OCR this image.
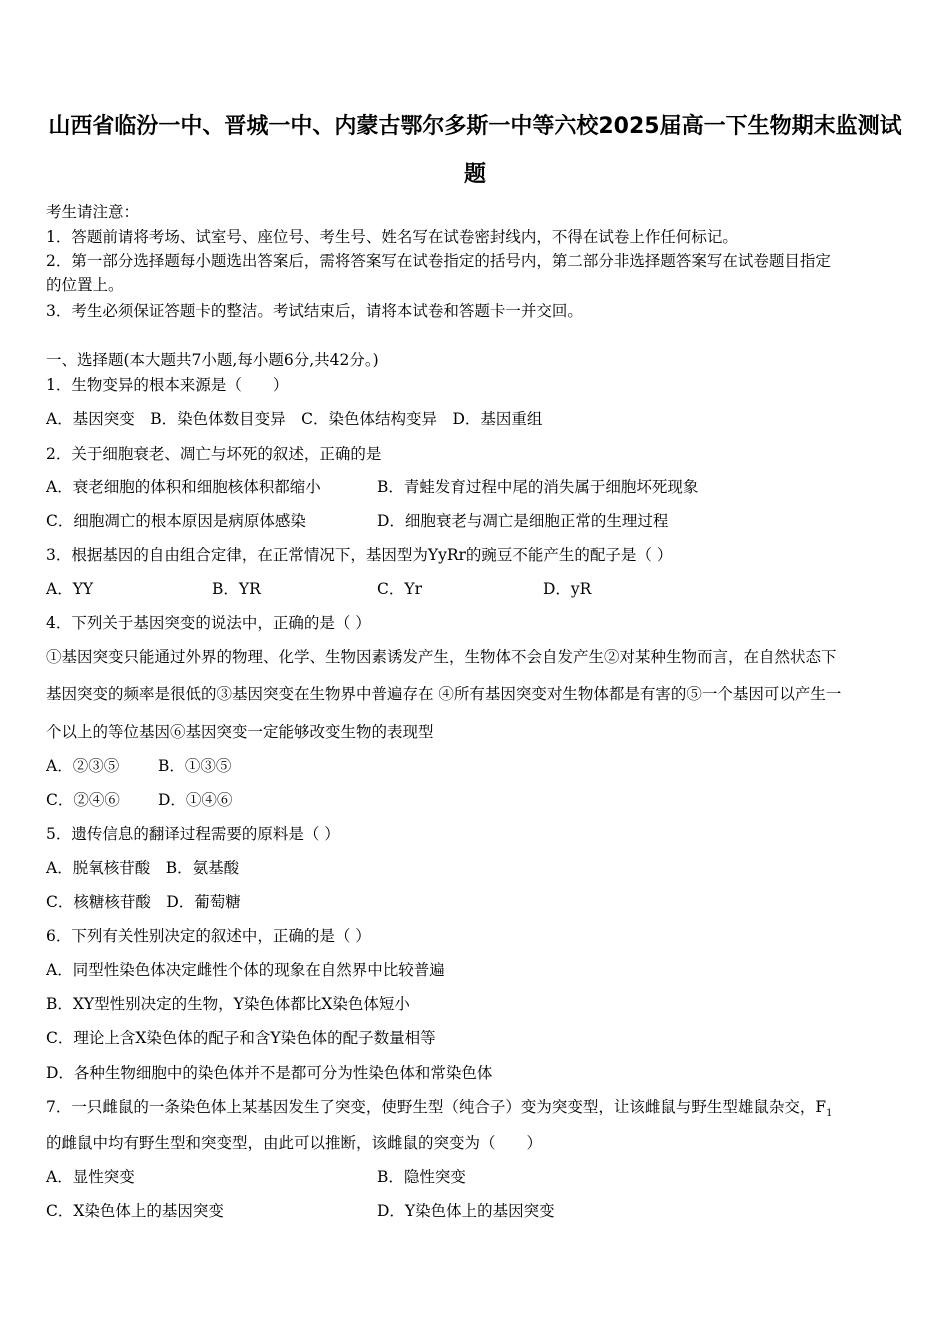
山西省临汾一中、晋城一中、内蒙古鄂尔多斯一中等六校2025届高一下生物期末监测试
题
考生请注意：
1．答题前请将考场、试室号、座位号、考生号、姓名写在试卷密封线内，不得在试卷上作任何标记。
2．第一部分选择题每小题选出答案后，需将答案写在试卷指定的括号内，第二部分非选择题答案写在试卷题目指定
的位置上。
3．考生必须保证答题卡的整洁。考试结束后，请将本试卷和答题卡一并交回。
一、选择题(本大题共7小题,每小题6分,共42分。)
1．生物变异的根本来源是（　　）
A．基因突变　B．染色体数目变异　C．染色体结构变异　D．基因重组
2．关于细胞衰老、凋亡与坏死的叙述，正确的是
A．衰老细胞的体积和细胞核体积都缩小	B．青蛙发育过程中尾的消失属于细胞坏死现象
C．细胞凋亡的根本原因是病原体感染	D．细胞衰老与凋亡是细胞正常的生理过程
3．根据基因的自由组合定律，在正常情况下，基因型为YyRr的豌豆不能产生的配子是（ ）
A．YY	B．YR	C．Yr	D．yR
4．下列关于基因突变的说法中，正确的是（ ）
①基因突变只能通过外界的物理、化学、生物因素诱发产生，生物体不会自发产生②对某种生物而言，在自然状态下
基因突变的频率是很低的③基因突变在生物界中普遍存在 ④所有基因突变对生物体都是有害的⑤一个基因可以产生一
个以上的等位基因⑥基因突变一定能够改变生物的表现型
A．②③⑤	B．①③⑤
C．②④⑥ D．①④⑥
5．遗传信息的翻译过程需要的原料是（ ）
A．脱氧核苷酸　B．氨基酸
C．核糖核苷酸　D．葡萄糖
6．下列有关性别决定的叙述中，正确的是（ ）
A．同型性染色体决定雌性个体的现象在自然界中比较普遍
B．XY型性别决定的生物，Y染色体都比X染色体短小
C．理论上含X染色体的配子和含Y染色体的配子数量相等
D．各种生物细胞中的染色体并不是都可分为性染色体和常染色体
7．一只雌鼠的一条染色体上某基因发生了突变，使野生型（纯合子）变为突变型，让该雌鼠与野生型雄鼠杂交，$F_1$
的雌鼠中均有野生型和突变型，由此可以推断，该雌鼠的突变为（　　）
A．显性突变	B．隐性突变
C．X染色体上的基因突变	D．Y染色体上的基因突变
